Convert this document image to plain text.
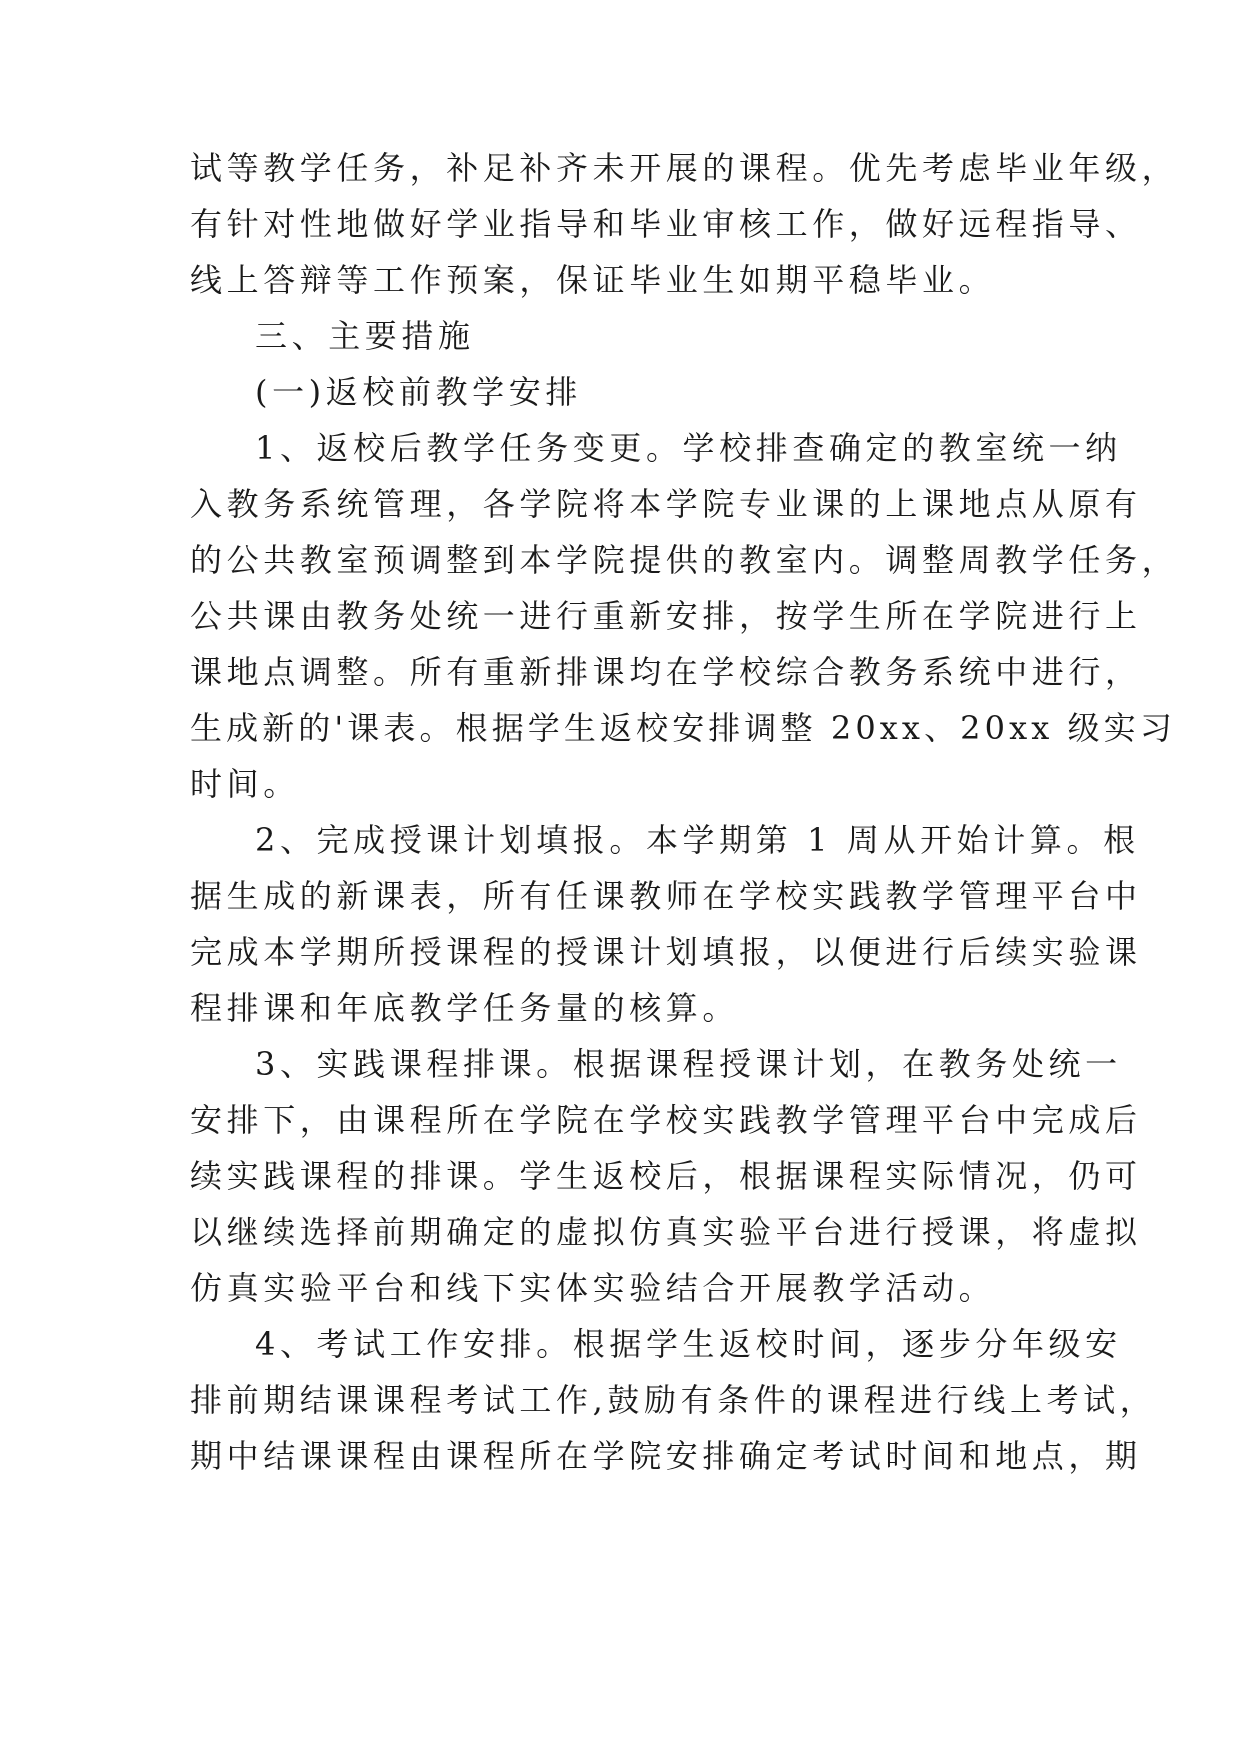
试等教学任务，补足补齐未开展的课程。优先考虑毕业年级，

有针对性地做好学业指导和毕业审核工作，做好远程指导、

线上答辩等工作预案，保证毕业生如期平稳毕业。

三、主要措施

(一)返校前教学安排

1、返校后教学任务变更。学校排查确定的教室统一纳

入教务系统管理，各学院将本学院专业课的上课地点从原有

的公共教室预调整到本学院提供的教室内。调整周教学任务，

公共课由教务处统一进行重新安排，按学生所在学院进行上

课地点调整。所有重新排课均在学校综合教务系统中进行，

生成新的'课表。根据学生返校安排调整 20xx、20xx 级实习

时间。

2、完成授课计划填报。本学期第 1 周从开始计算。根

据生成的新课表，所有任课教师在学校实践教学管理平台中

完成本学期所授课程的授课计划填报，以便进行后续实验课

程排课和年底教学任务量的核算。

3、实践课程排课。根据课程授课计划，在教务处统一

安排下，由课程所在学院在学校实践教学管理平台中完成后

续实践课程的排课。学生返校后，根据课程实际情况，仍可

以继续选择前期确定的虚拟仿真实验平台进行授课，将虚拟

仿真实验平台和线下实体实验结合开展教学活动。

4、考试工作安排。根据学生返校时间，逐步分年级安

排前期结课课程考试工作,鼓励有条件的课程进行线上考试，

期中结课课程由课程所在学院安排确定考试时间和地点，期
